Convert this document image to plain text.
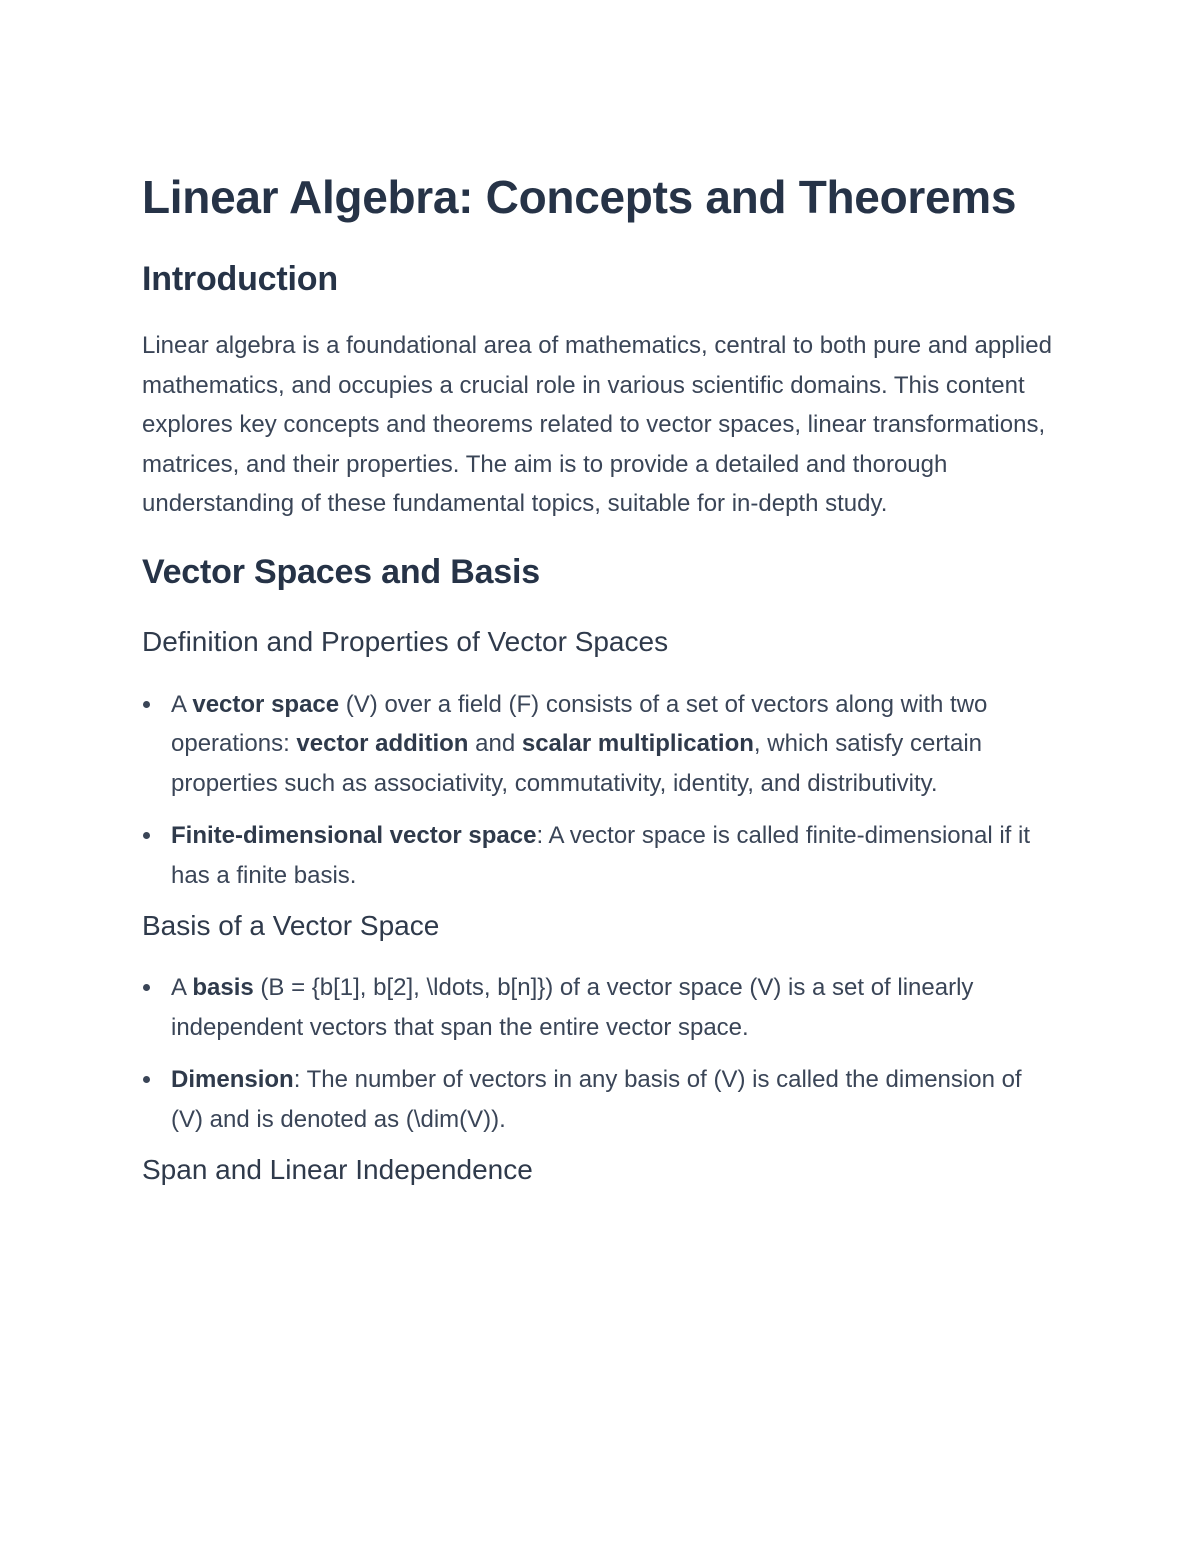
Linear Algebra: Concepts and Theorems
Introduction

Linear algebra is a foundational area of mathematics, central to both pure and applied mathematics, and occupies a crucial role in various scientific domains. This content explores key concepts and theorems related to vector spaces, linear transformations, matrices, and their properties. The aim is to provide a detailed and thorough understanding of these fundamental topics, suitable for in-depth study.

Vector Spaces and Basis
Definition and Properties of Vector Spaces
A vector space (V) over a field (F) consists of a set of vectors along with two operations: vector addition and scalar multiplication, which satisfy certain properties such as associativity, commutativity, identity, and distributivity.
Finite-dimensional vector space: A vector space is called finite-dimensional if it has a finite basis.
Basis of a Vector Space
A basis (B = {b[1], b[2], \ldots, b[n]}) of a vector space (V) is a set of linearly independent vectors that span the entire vector space.
Dimension: The number of vectors in any basis of (V) is called the dimension of (V) and is denoted as (\dim(V)).
Span and Linear Independence
